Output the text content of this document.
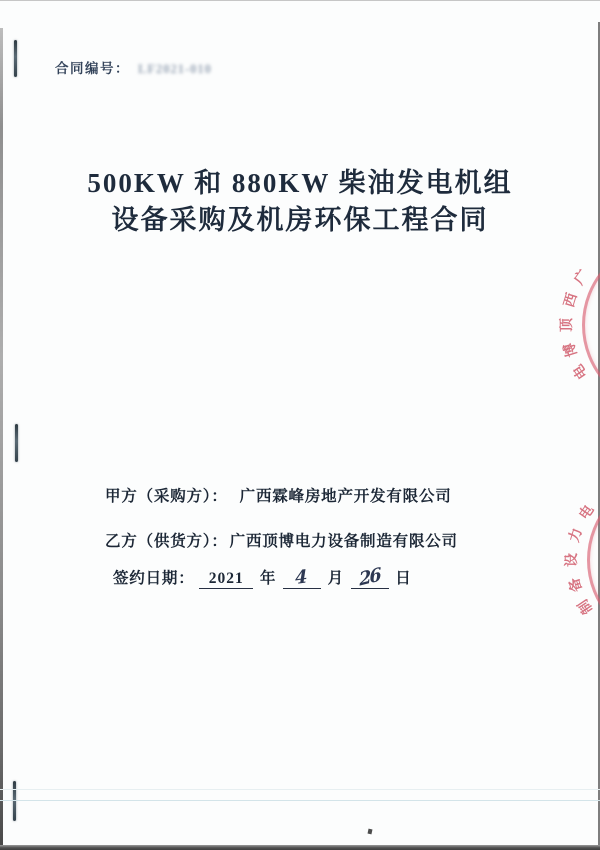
合同编号： LF2021-010
500KW 和 880KW 柴油发电机组
设备采购及机房环保工程合同
甲方（采购方）： 广西霖峰房地产开发有限公司
乙方（供货方）： 广西顶博电力设备制造有限公司
签约日期： 2021 年 4 月 26 日
广
西
顶
博
电
电
力
设
备
制
